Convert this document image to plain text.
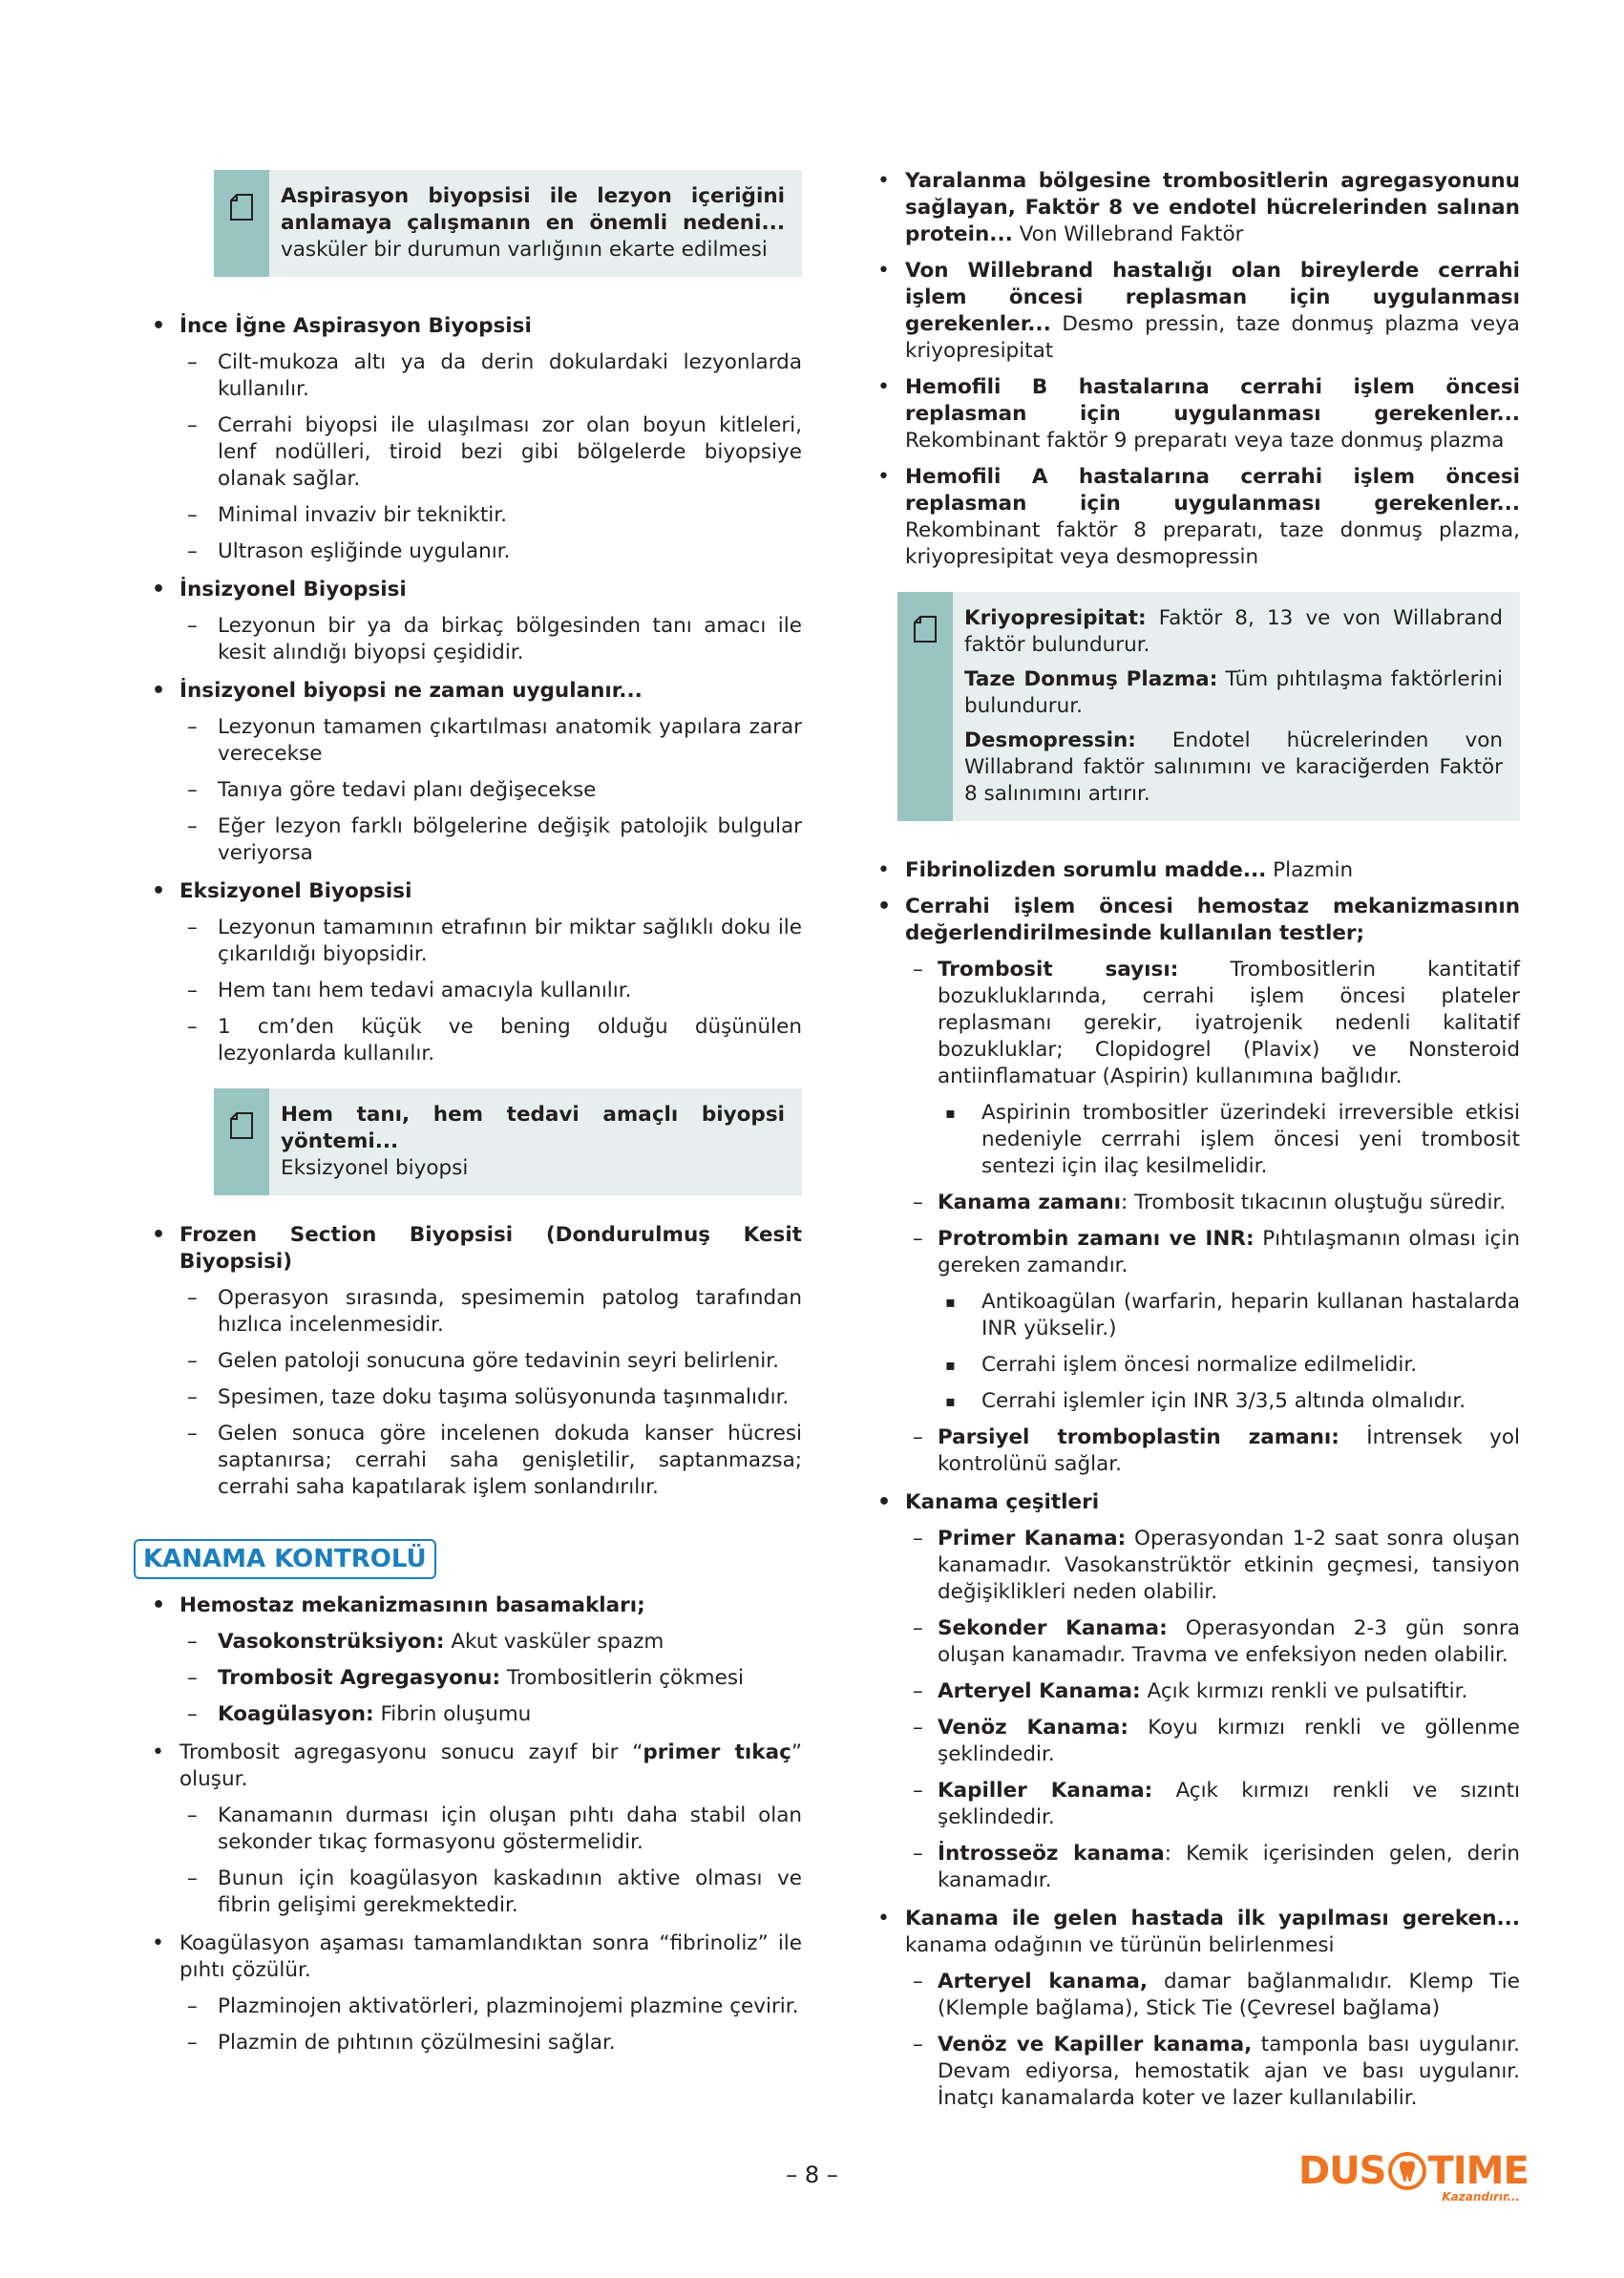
Aspirasyon biyopsisi ile lezyon içeriğini anlamaya çalışmanın en önemli nedeni... vasküler bir durumun varlığının ekarte edilmesi

• İnce İğne Aspirasyon Biyopsisi

– Cilt-mukoza altı ya da derin dokulardaki lezyonlarda kullanılır.

– Cerrahi biyopsi ile ulaşılması zor olan boyun kitleleri, lenf nodülleri, tiroid bezi gibi bölgelerde biyopsiye olanak sağlar.

– Minimal invaziv bir tekniktir.

– Ultrason eşliğinde uygulanır.

• İnsizyonel Biyopsisi

– Lezyonun bir ya da birkaç bölgesinden tanı amacı ile kesit alındığı biyopsi çeşididir.

• İnsizyonel biyopsi ne zaman uygulanır...

– Lezyonun tamamen çıkartılması anatomik yapılara zarar verecekse

– Tanıya göre tedavi planı değişecekse

– Eğer lezyon farklı bölgelerine değişik patolojik bulgular veriyorsa

• Eksizyonel Biyopsisi

– Lezyonun tamamının etrafının bir miktar sağlıklı doku ile çıkarıldığı biyopsidir.

– Hem tanı hem tedavi amacıyla kullanılır.

– 1 cm’den küçük ve bening olduğu düşünülen lezyonlarda kullanılır.

Hem tanı, hem tedavi amaçlı biyopsi yöntemi...
Eksizyonel biyopsi

• Frozen Section Biyopsisi (Dondurulmuş Kesit Biyopsisi)

– Operasyon sırasında, spesimemin patolog tarafından hızlıca incelenmesidir.

– Gelen patoloji sonucuna göre tedavinin seyri belirlenir.

– Spesimen, taze doku taşıma solüsyonunda taşınmalıdır.

– Gelen sonuca göre incelenen dokuda kanser hücresi saptanırsa; cerrahi saha genişletilir, saptanmazsa; cerrahi saha kapatılarak işlem sonlandırılır.

KANAMA KONTROLÜ

• Hemostaz mekanizmasının basamakları;

– Vasokonstrüksiyon: Akut vasküler spazm

– Trombosit Agregasyonu: Trombositlerin çökmesi

– Koagülasyon: Fibrin oluşumu

• Trombosit agregasyonu sonucu zayıf bir “primer tıkaç” oluşur.

– Kanamanın durması için oluşan pıhtı daha stabil olan sekonder tıkaç formasyonu göstermelidir.

– Bunun için koagülasyon kaskadının aktive olması ve fibrin gelişimi gerekmektedir.

• Koagülasyon aşaması tamamlandıktan sonra “fibrinoliz” ile pıhtı çözülür.

– Plazminojen aktivatörleri, plazminojemi plazmine çevirir.

– Plazmin de pıhtının çözülmesini sağlar.

• Yaralanma bölgesine trombositlerin agregasyonunu sağlayan, Faktör 8 ve endotel hücrelerinden salınan protein... Von Willebrand Faktör

• Von Willebrand hastalığı olan bireylerde cerrahi işlem öncesi replasman için uygulanması gerekenler... Desmo pressin, taze donmuş plazma veya kriyopresipitat

• Hemofili B hastalarına cerrahi işlem öncesi replasman için uygulanması gerekenler... Rekombinant faktör 9 preparatı veya taze donmuş plazma

• Hemofili A hastalarına cerrahi işlem öncesi replasman için uygulanması gerekenler... Rekombinant faktör 8 preparatı, taze donmuş plazma, kriyopresipitat veya desmopressin

Kriyopresipitat: Faktör 8, 13 ve von Willabrand faktör bulundurur.
Taze Donmuş Plazma: Tüm pıhtılaşma faktörlerini bulundurur.
Desmopressin: Endotel hücrelerinden von Willabrand faktör salınımını ve karaciğerden Faktör 8 salınımını artırır.

• Fibrinolizden sorumlu madde... Plazmin

• Cerrahi işlem öncesi hemostaz mekanizmasının değerlendirilmesinde kullanılan testler;

– Trombosit sayısı: Trombositlerin kantitatif bozukluklarında, cerrahi işlem öncesi plateler replasmanı gerekir, iyatrojenik nedenli kalitatif bozukluklar; Clopidogrel (Plavix) ve Nonsteroid antiinflamatuar (Aspirin) kullanımına bağlıdır.

▪ Aspirinin trombositler üzerindeki irreversible etkisi nedeniyle cerrrahi işlem öncesi yeni trombosit sentezi için ilaç kesilmelidir.

– Kanama zamanı: Trombosit tıkacının oluştuğu süredir.

– Protrombin zamanı ve INR: Pıhtılaşmanın olması için gereken zamandır.

▪ Antikoagülan (warfarin, heparin kullanan hastalarda INR yükselir.)

▪ Cerrahi işlem öncesi normalize edilmelidir.

▪ Cerrahi işlemler için INR 3/3,5 altında olmalıdır.

– Parsiyel tromboplastin zamanı: İntrensek yol kontrolünü sağlar.

• Kanama çeşitleri

– Primer Kanama: Operasyondan 1-2 saat sonra oluşan kanamadır. Vasokanstrüktör etkinin geçmesi, tansiyon değişiklikleri neden olabilir.

– Sekonder Kanama: Operasyondan 2-3 gün sonra oluşan kanamadır. Travma ve enfeksiyon neden olabilir.

– Arteryel Kanama: Açık kırmızı renkli ve pulsatiftir.

– Venöz Kanama: Koyu kırmızı renkli ve göllenme şeklindedir.

– Kapiller Kanama: Açık kırmızı renkli ve sızıntı şeklindedir.

– İntrosseöz kanama: Kemik içerisinden gelen, derin kanamadır.

• Kanama ile gelen hastada ilk yapılması gereken... kanama odağının ve türünün belirlenmesi

– Arteryel kanama, damar bağlanmalıdır. Klemp Tie (Klemple bağlama), Stick Tie (Çevresel bağlama)

– Venöz ve Kapiller kanama, tamponla bası uygulanır. Devam ediyorsa, hemostatik ajan ve bası uygulanır. İnatçı kanamalarda koter ve lazer kullanılabilir.

– 8 –	DUS TIME
Kazandırır...
